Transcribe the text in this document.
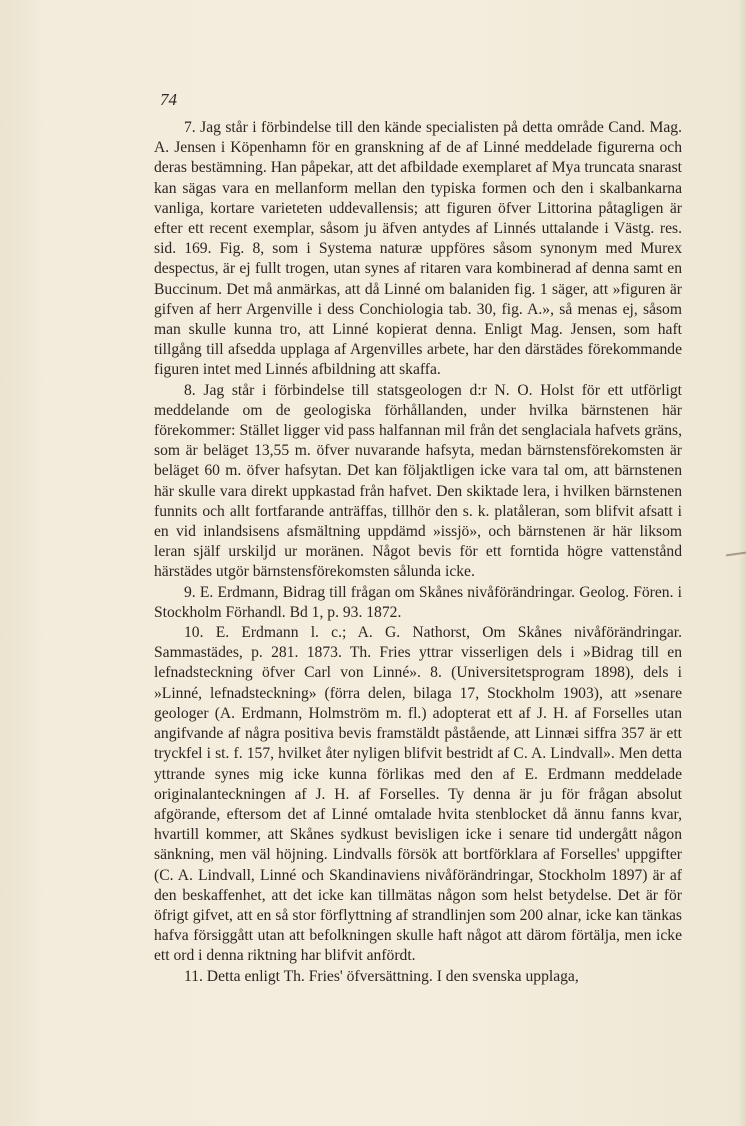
74

7. Jag står i förbindelse till den kände specialisten på detta område Cand. Mag. A. Jensen i Köpenhamn för en granskning af de af Linné meddelade figurerna och deras bestämning. Han påpekar, att det afbildade exemplaret af Mya truncata snarast kan sägas vara en mellanform mellan den typiska formen och den i skalbankarna vanliga, kortare varieteten uddevallensis; att figuren öfver Littorina påtagligen är efter ett recent exemplar, såsom ju äfven antydes af Linnés uttalande i Västg. res. sid. 169. Fig. 8, som i Systema naturæ uppföres såsom synonym med Murex despectus, är ej fullt trogen, utan synes af ritaren vara kombinerad af denna samt en Buccinum. Det må anmärkas, att då Linné om balaniden fig. 1 säger, att »figuren är gifven af herr Argenville i dess Conchiologia tab. 30, fig. A.», så menas ej, såsom man skulle kunna tro, att Linné kopierat denna. Enligt Mag. Jensen, som haft tillgång till afsedda upplaga af Argenvilles arbete, har den därstädes förekommande figuren intet med Linnés afbildning att skaffa.

8. Jag står i förbindelse till statsgeologen d:r N. O. Holst för ett utförligt meddelande om de geologiska förhållanden, under hvilka bärnstenen här förekommer: Stället ligger vid pass halfannan mil från det senglaciala hafvets gräns, som är beläget 13,55 m. öfver nuvarande hafsyta, medan bärnstensförekomsten är beläget 60 m. öfver hafsytan. Det kan följaktligen icke vara tal om, att bärnstenen här skulle vara direkt uppkastad från hafvet. Den skiktade lera, i hvilken bärnstenen funnits och allt fortfarande anträffas, tillhör den s. k. platåleran, som blifvit afsatt i en vid inlandsisens afsmältning uppdämd »issjö», och bärnstenen är här liksom leran själf urskiljd ur moränen. Något bevis för ett forntida högre vattenstånd härstädes utgör bärnstensförekomsten sålunda icke.

9. E. Erdmann, Bidrag till frågan om Skånes nivåförändringar. Geolog. Fören. i Stockholm Förhandl. Bd 1, p. 93. 1872.

10. E. Erdmann l. c.; A. G. Nathorst, Om Skånes nivåförändringar. Sammastädes, p. 281. 1873. Th. Fries yttrar visserligen dels i »Bidrag till en lefnadsteckning öfver Carl von Linné». 8. (Universitetsprogram 1898), dels i »Linné, lefnadsteckning» (förra delen, bilaga 17, Stockholm 1903), att »senare geologer (A. Erdmann, Holmström m. fl.) adopterat ett af J. H. af Forselles utan angifvande af några positiva bevis framstäldt påstående, att Linnæi siffra 357 är ett tryckfel i st. f. 157, hvilket åter nyligen blifvit bestridt af C. A. Lindvall». Men detta yttrande synes mig icke kunna förlikas med den af E. Erdmann meddelade originalanteckningen af J. H. af Forselles. Ty denna är ju för frågan absolut afgörande, eftersom det af Linné omtalade hvita stenblocket då ännu fanns kvar, hvartill kommer, att Skånes sydkust bevisligen icke i senare tid undergått någon sänkning, men väl höjning. Lindvalls försök att bortförklara af Forselles' uppgifter (C. A. Lindvall, Linné och Skandinaviens nivåförändringar, Stockholm 1897) är af den beskaffenhet, att det icke kan tillmätas någon som helst betydelse. Det är för öfrigt gifvet, att en så stor förflyttning af strandlinjen som 200 alnar, icke kan tänkas hafva försiggått utan att befolkningen skulle haft något att därom förtälja, men icke ett ord i denna riktning har blifvit anfördt.

11. Detta enligt Th. Fries' öfversättning. I den svenska upplaga,
